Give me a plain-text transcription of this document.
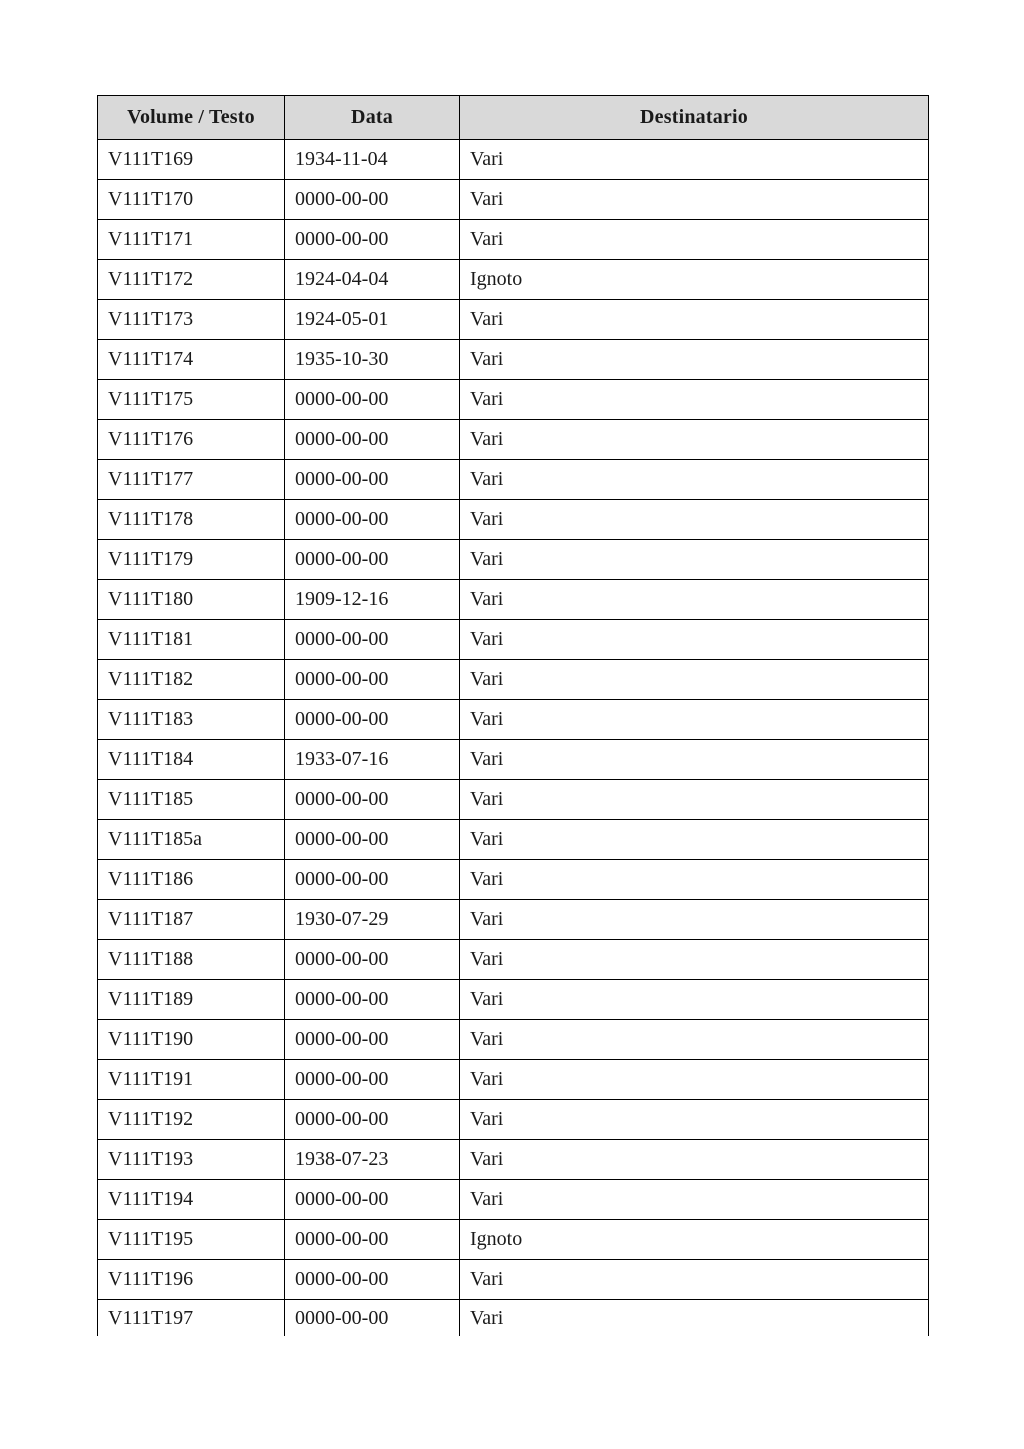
Volume / Testo	Data	Destinatario
V111T169	1934-11-04	Vari
V111T170	0000-00-00	Vari
V111T171	0000-00-00	Vari
V111T172	1924-04-04	Ignoto
V111T173	1924-05-01	Vari
V111T174	1935-10-30	Vari
V111T175	0000-00-00	Vari
V111T176	0000-00-00	Vari
V111T177	0000-00-00	Vari
V111T178	0000-00-00	Vari
V111T179	0000-00-00	Vari
V111T180	1909-12-16	Vari
V111T181	0000-00-00	Vari
V111T182	0000-00-00	Vari
V111T183	0000-00-00	Vari
V111T184	1933-07-16	Vari
V111T185	0000-00-00	Vari
V111T185a	0000-00-00	Vari
V111T186	0000-00-00	Vari
V111T187	1930-07-29	Vari
V111T188	0000-00-00	Vari
V111T189	0000-00-00	Vari
V111T190	0000-00-00	Vari
V111T191	0000-00-00	Vari
V111T192	0000-00-00	Vari
V111T193	1938-07-23	Vari
V111T194	0000-00-00	Vari
V111T195	0000-00-00	Ignoto
V111T196	0000-00-00	Vari
V111T197	0000-00-00	Vari
